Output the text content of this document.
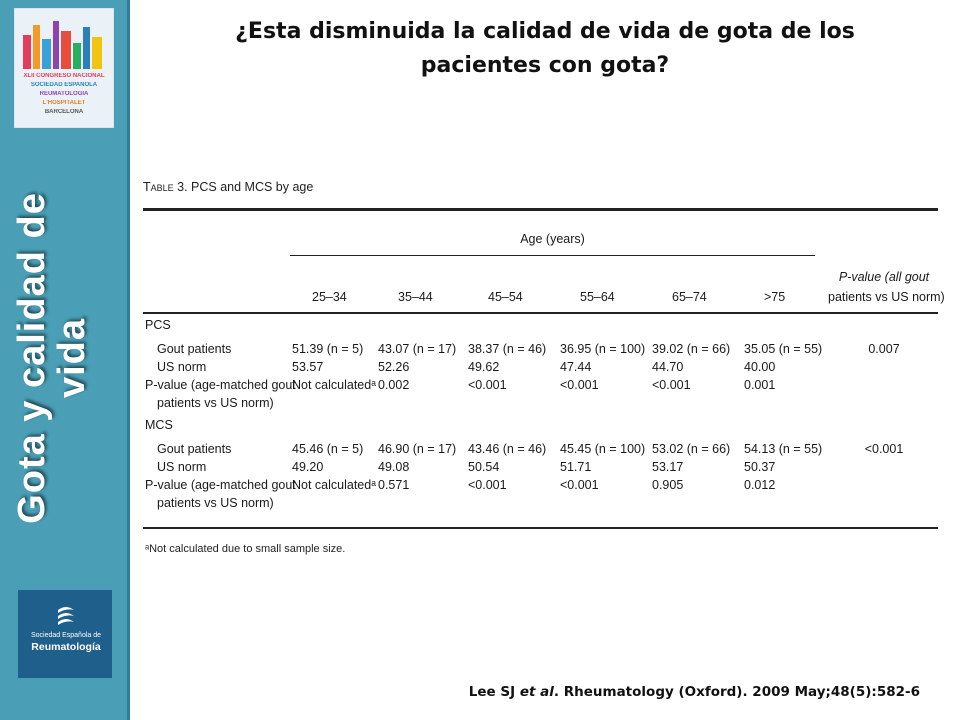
XLII CONGRESO NACIONAL
SOCIEDAD ESPAÑOLA
REUMATOLOGÍA
L'HOSPITALET
BARCELONA
Gota y calidad de
vida
Sociedad Española de
Reumatología
¿Esta disminuida la calidad de vida de gota de los
pacientes con gota?
Table 3. PCS and MCS by age
Age (years)
25–34	35–44	45–54	55–64	65–74	>75
P-value (all gout
patients vs US norm)
PCS
Gout patients	51.39 (n = 5) 43.07 (n = 17) 38.37 (n = 46) 36.95 (n = 100) 39.02 (n = 66) 35.05 (n = 55)	0.007
US norm	53.57	52.26	49.62	47.44	44.70	40.00
P-value (age-matched gout
patients vs US norm)
Not calculatedᵃ 0.002	<0.001	<0.001	<0.001	0.001
MCS
Gout patients	45.46 (n = 5) 46.90 (n = 17) 43.46 (n = 46) 45.45 (n = 100) 53.02 (n = 66) 54.13 (n = 55)	<0.001
US norm	49.20	49.08	50.54	51.71	53.17	50.37
P-value (age-matched gout
patients vs US norm)
Not calculatedᵃ 0.571	<0.001	<0.001	0.905	0.012
ᵃNot calculated due to small sample size.
Lee SJ et al. Rheumatology (Oxford). 2009 May;48(5):582-6
